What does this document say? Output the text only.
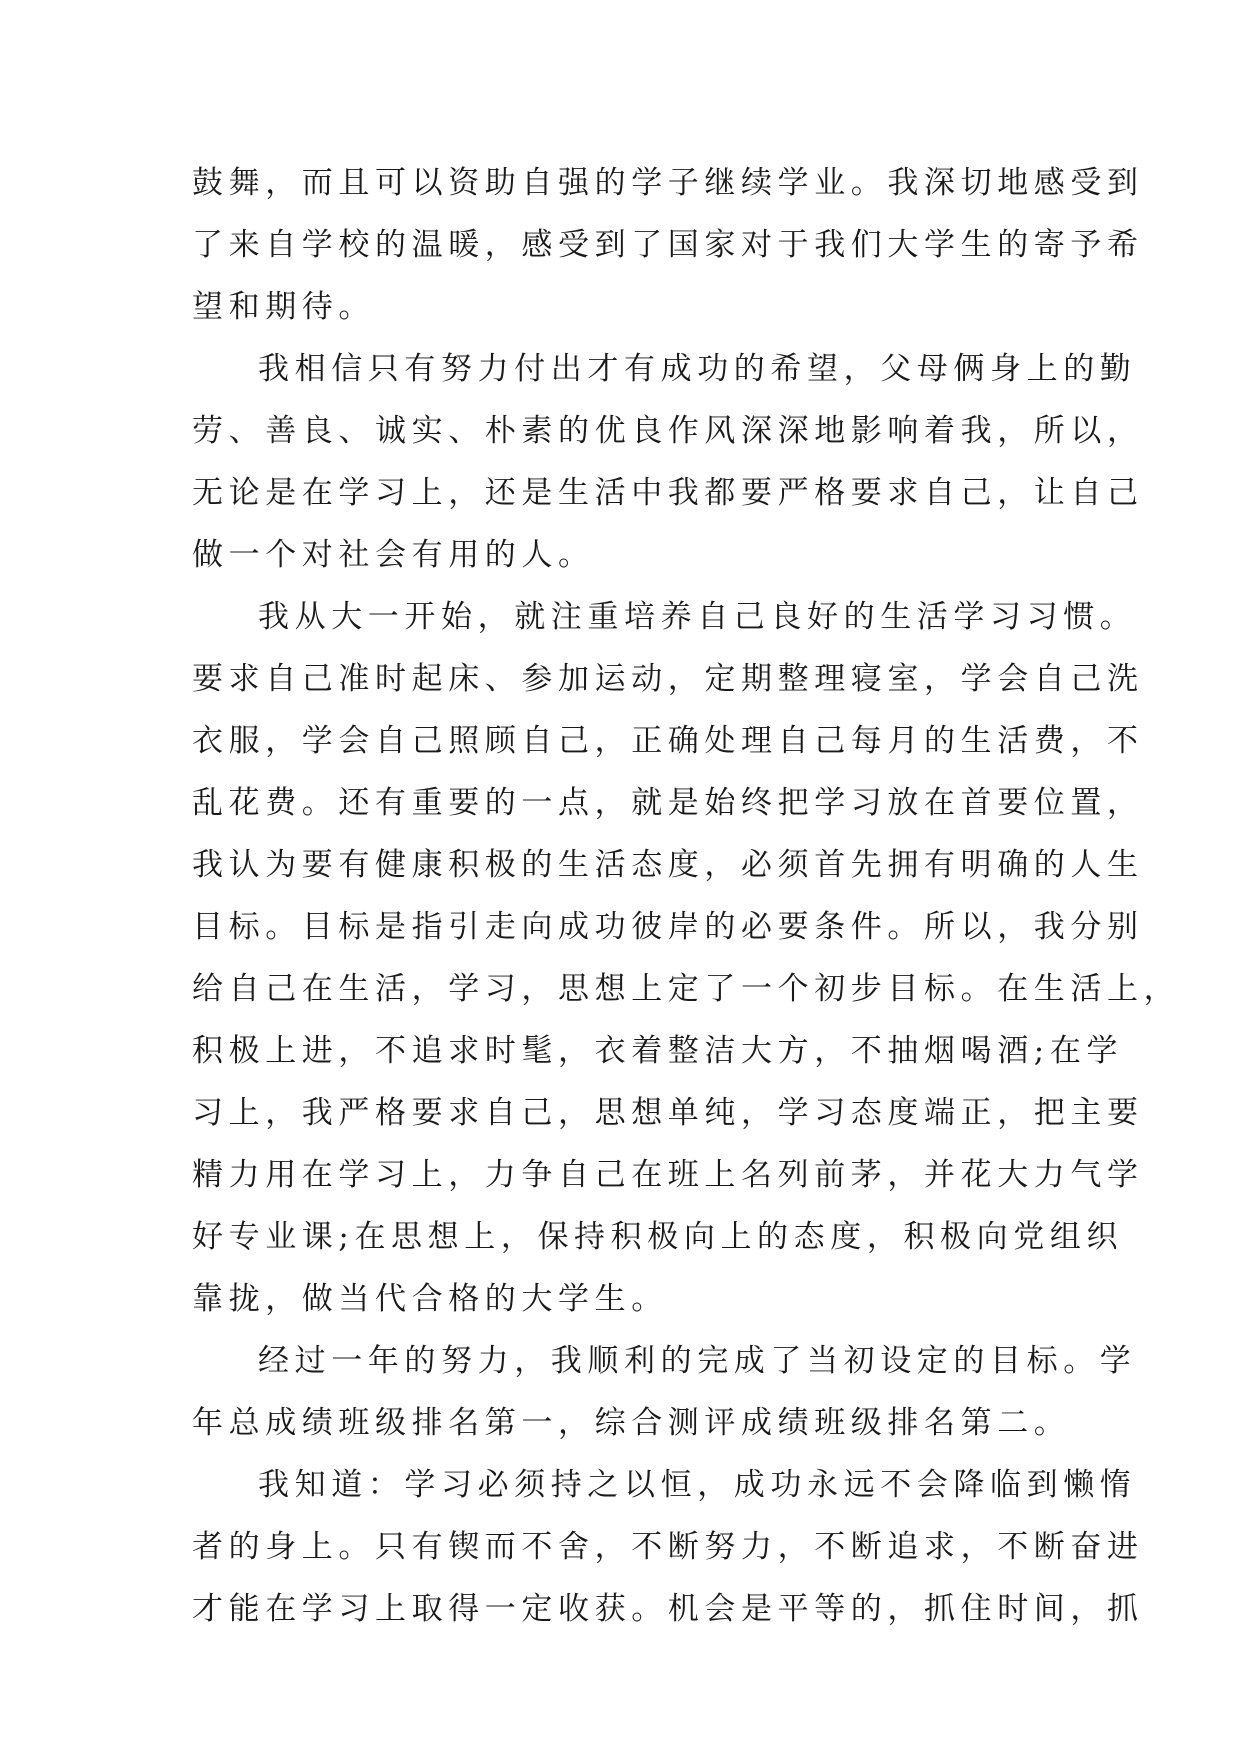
鼓舞，而且可以资助自强的学子继续学业。我深切地感受到
了来自学校的温暖，感受到了国家对于我们大学生的寄予希
望和期待。
我相信只有努力付出才有成功的希望，父母俩身上的勤
劳、善良、诚实、朴素的优良作风深深地影响着我，所以，
无论是在学习上，还是生活中我都要严格要求自己，让自己
做一个对社会有用的人。
我从大一开始，就注重培养自己良好的生活学习习惯。
要求自己准时起床、参加运动，定期整理寝室，学会自己洗
衣服，学会自己照顾自己，正确处理自己每月的生活费，不
乱花费。还有重要的一点，就是始终把学习放在首要位置，
我认为要有健康积极的生活态度，必须首先拥有明确的人生
目标。目标是指引走向成功彼岸的必要条件。所以，我分别
给自己在生活，学习，思想上定了一个初步目标。在生活上，
积极上进，不追求时髦，衣着整洁大方，不抽烟喝酒;在学
习上，我严格要求自己，思想单纯，学习态度端正，把主要
精力用在学习上，力争自己在班上名列前茅，并花大力气学
好专业课;在思想上，保持积极向上的态度，积极向党组织
靠拢，做当代合格的大学生。
经过一年的努力，我顺利的完成了当初设定的目标。学
年总成绩班级排名第一，综合测评成绩班级排名第二。
我知道：学习必须持之以恒，成功永远不会降临到懒惰
者的身上。只有锲而不舍，不断努力，不断追求，不断奋进
才能在学习上取得一定收获。机会是平等的，抓住时间，抓
